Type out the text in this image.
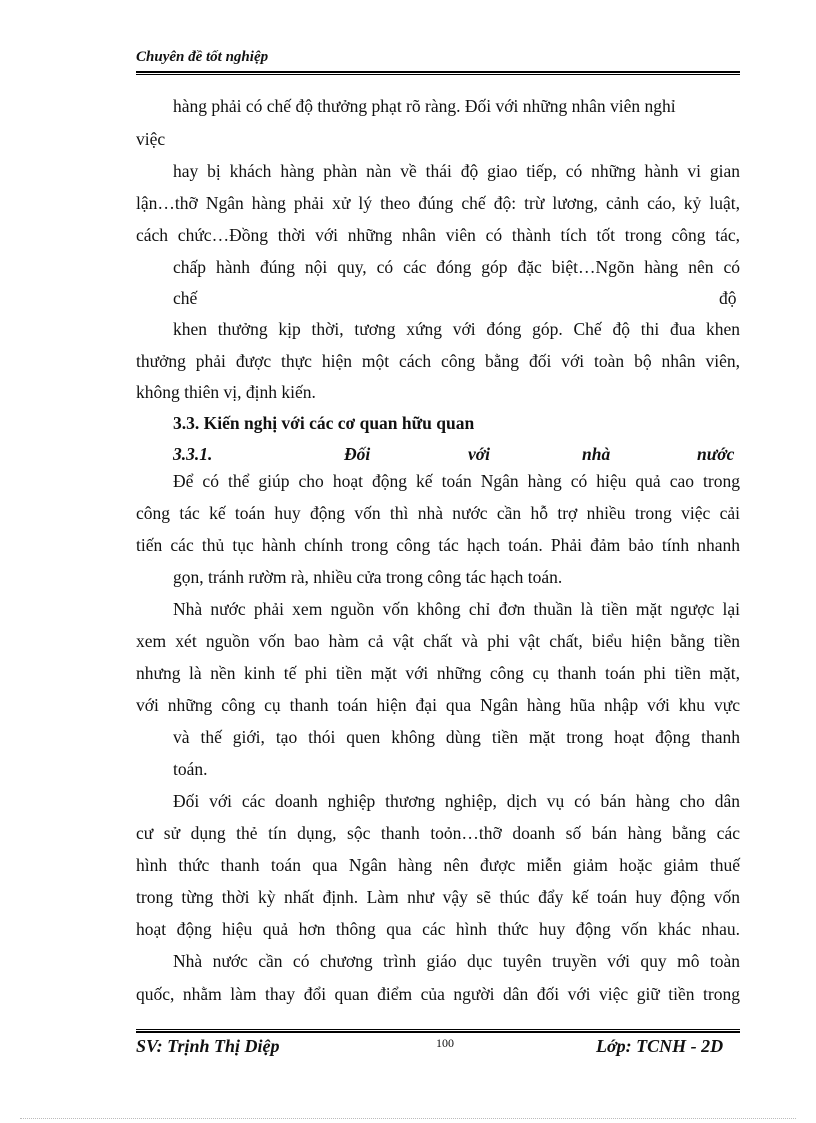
Chuyên đề tốt nghiệp
hàng phải có chế độ thưởng phạt rõ ràng. Đối với những nhân viên nghỉ
việc
hay bị khách hàng phàn nàn về thái độ giao tiếp, có những hành vi gian
lận…thỡ Ngân hàng phải xử lý theo đúng chế độ: trừ lương, cảnh cáo, kỷ luật,
cách chức…Đồng thời với những nhân viên có thành tích tốt trong công tác,
chấp hành đúng nội quy, có các đóng góp đặc biệt…Ngõn hàng nên có
chế	độ
khen thưởng kịp thời, tương xứng với đóng góp. Chế độ thi đua khen
thưởng phải được thực hiện một cách công bằng đối với toàn bộ nhân viên,
không thiên vị, định kiến.
3.3. Kiến nghị với các cơ quan hữu quan
3.3.1.	Đối	với	nhà	nước
Để có thể giúp cho hoạt động kế toán Ngân hàng có hiệu quả cao trong
công tác kế toán huy động vốn thì nhà nước cần hỗ trợ nhiều trong việc cải
tiến các thủ tục hành chính trong công tác hạch toán. Phải đảm bảo tính nhanh
gọn, tránh rườm rà, nhiều cửa trong công tác hạch toán.
Nhà nước phải xem nguồn vốn không chỉ đơn thuần là tiền mặt ngược lại
xem xét nguồn vốn bao hàm cả vật chất và phi vật chất, biểu hiện bằng tiền
nhưng là nền kinh tế phi tiền mặt với những công cụ thanh toán phi tiền mặt,
với những công cụ thanh toán hiện đại qua Ngân hàng hũa nhập với khu vực
và thế giới, tạo thói quen không dùng tiền mặt trong hoạt động thanh
toán.
Đối với các doanh nghiệp thương nghiệp, dịch vụ có bán hàng cho dân
cư sử dụng thẻ tín dụng, sộc thanh toỏn…thỡ doanh số bán hàng bằng các
hình thức thanh toán qua Ngân hàng nên được miễn giảm hoặc giảm thuế
trong từng thời kỳ nhất định. Làm như vậy sẽ thúc đẩy kế toán huy động vốn
hoạt động hiệu quả hơn thông qua các hình thức huy động vốn khác nhau.
Nhà nước cần có chương trình giáo dục tuyên truyền với quy mô toàn
quốc, nhằm làm thay đổi quan điểm của người dân đối với việc giữ tiền trong
SV: Trịnh Thị Diệp	100	Lớp: TCNH - 2D
